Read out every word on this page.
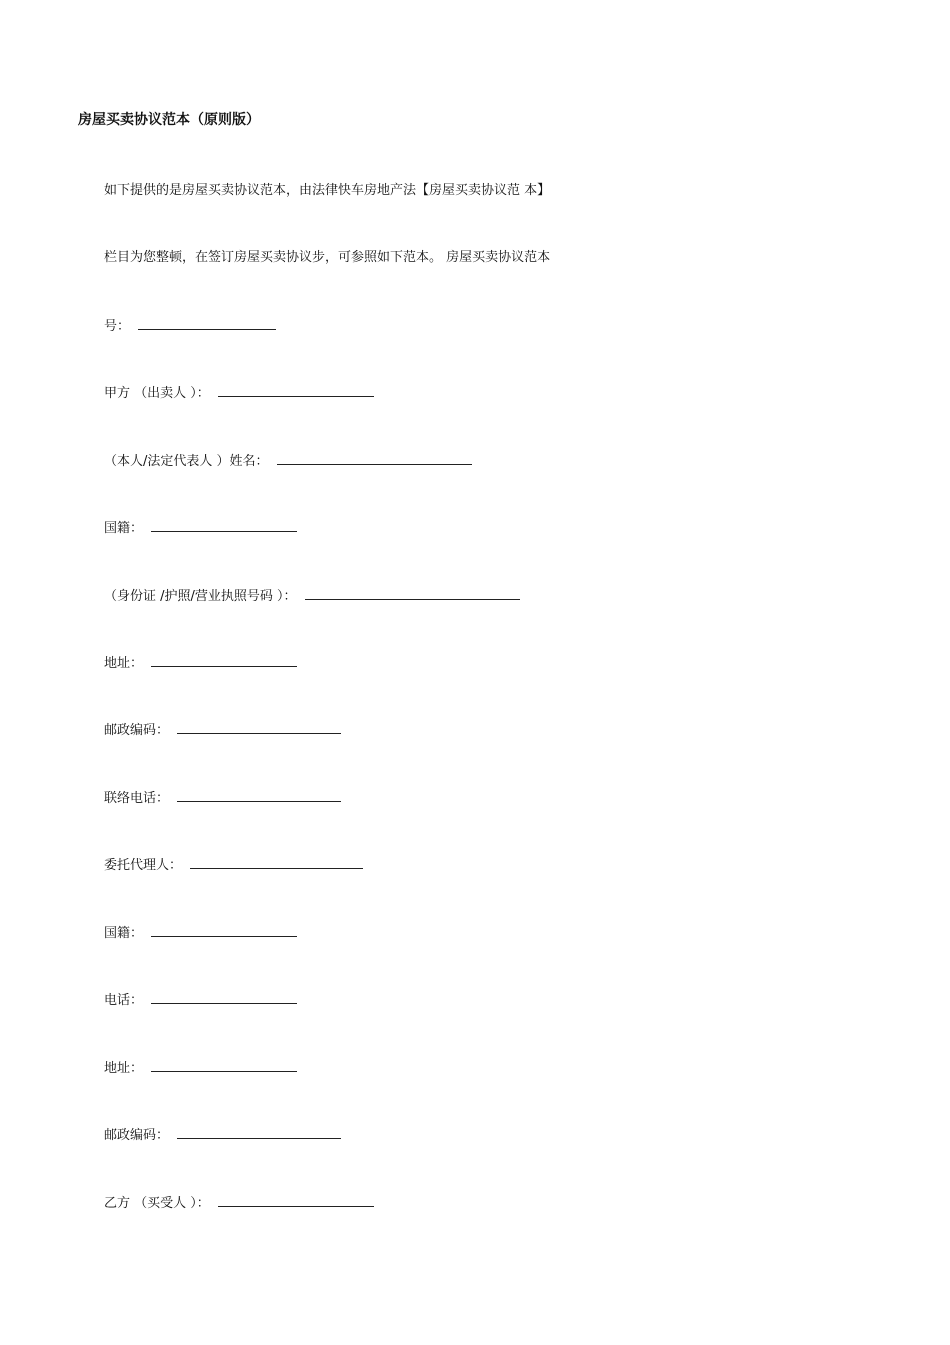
房屋买卖协议范本（原则版）
如下提供的是房屋买卖协议范本，由法律快车房地产法【房屋买卖协议范 本】
栏目为您整顿，在签订房屋买卖协议步，可参照如下范本。 房屋买卖协议范本
号：
甲方 （出卖人 ）：
（本人/法定代表人 ）姓名：
国籍：
（身份证 /护照/营业执照号码 ）：
地址：
邮政编码：
联络电话：
委托代理人：
国籍：
电话：
地址：
邮政编码：
乙方 （买受人 ）：
